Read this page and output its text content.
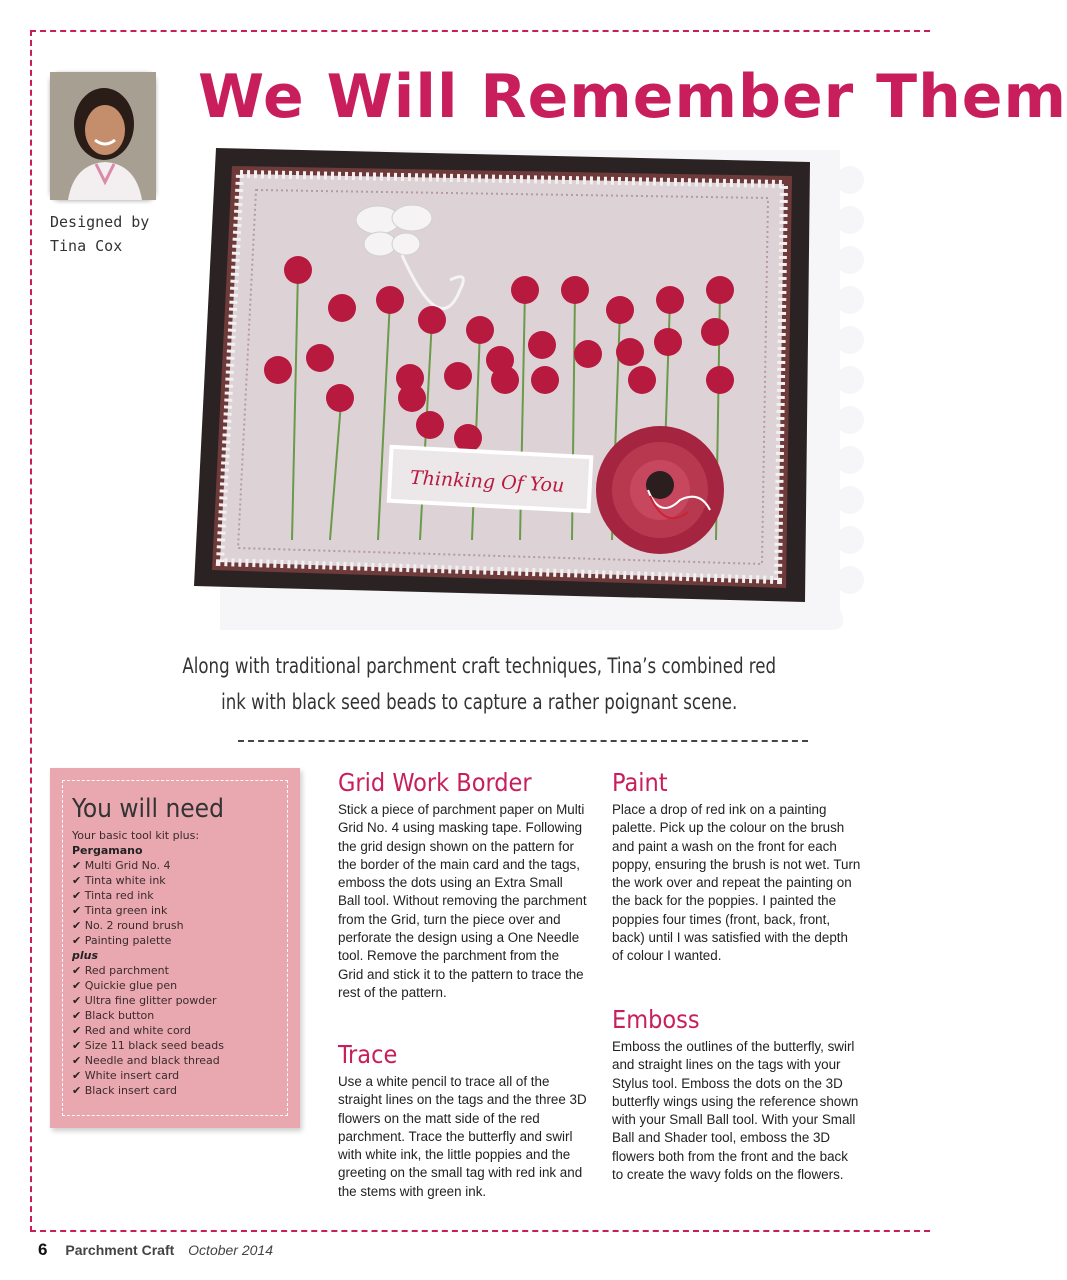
Designed by
Tina Cox
We Will Remember Them
Thinking Of You
Along with traditional parchment craft techniques, Tina’s combined red
ink with black seed beads to capture a rather poignant scene.
You will need
Your basic tool kit plus:
Pergamano
✔ Multi Grid No. 4
✔ Tinta white ink
✔ Tinta red ink
✔ Tinta green ink
✔ No. 2 round brush
✔ Painting palette
plus
✔ Red parchment
✔ Quickie glue pen
✔ Ultra fine glitter powder
✔ Black button
✔ Red and white cord
✔ Size 11 black seed beads
✔ Needle and black thread
✔ White insert card
✔ Black insert card
Grid Work Border

Stick a piece of parchment paper on Multi Grid No. 4 using masking tape. Following the grid design shown on the pattern for the border of the main card and the tags, emboss the dots using an Extra Small Ball tool. Without removing the parchment from the Grid, turn the piece over and perforate the design using a One Needle tool. Remove the parchment from the Grid and stick it to the pattern to trace the rest of the pattern.

Trace

Use a white pencil to trace all of the straight lines on the tags and the three 3D flowers on the matt side of the red parchment. Trace the butterfly and swirl with white ink, the little poppies and the greeting on the small tag with red ink and the stems with green ink.

Paint

Place a drop of red ink on a painting palette. Pick up the colour on the brush and paint a wash on the front for each poppy, ensuring the brush is not wet. Turn the work over and repeat the painting on the back for the poppies. I painted the poppies four times (front, back, front, back) until I was satisfied with the depth of colour I wanted.

Emboss

Emboss the outlines of the butterfly, swirl and straight lines on the tags with your Stylus tool. Emboss the dots on the 3D butterfly wings using the reference shown with your Small Ball tool. With your Small Ball and Shader tool, emboss the 3D flowers both from the front and the back to create the wavy folds on the flowers.

6 Parchment Craft October 2014
